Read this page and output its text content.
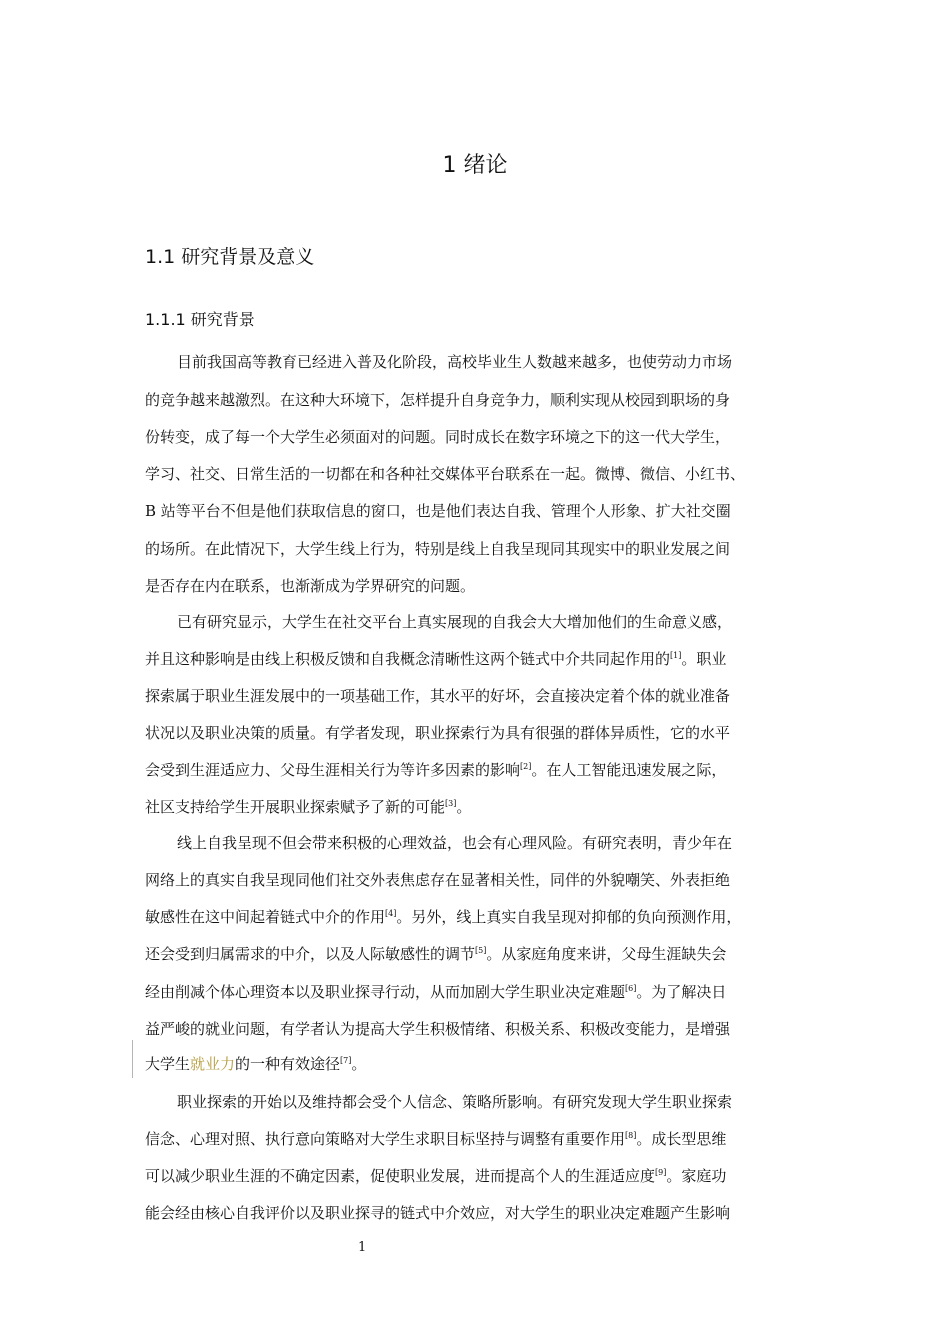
1 绪论
1.1 研究背景及意义
1.1.1 研究背景
目前我国高等教育已经进入普及化阶段，高校毕业生人数越来越多，也使劳动力市场
的竞争越来越激烈。在这种大环境下，怎样提升自身竞争力，顺利实现从校园到职场的身
份转变，成了每一个大学生必须面对的问题。同时成长在数字环境之下的这一代大学生，
学习、社交、日常生活的一切都在和各种社交媒体平台联系在一起。微博、微信、小红书、
B 站等平台不但是他们获取信息的窗口，也是他们表达自我、管理个人形象、扩大社交圈
的场所。在此情况下，大学生线上行为，特别是线上自我呈现同其现实中的职业发展之间
是否存在内在联系，也渐渐成为学界研究的问题。
已有研究显示，大学生在社交平台上真实展现的自我会大大增加他们的生命意义感，
并且这种影响是由线上积极反馈和自我概念清晰性这两个链式中介共同起作用的[1]。职业
探索属于职业生涯发展中的一项基础工作，其水平的好坏，会直接决定着个体的就业准备
状况以及职业决策的质量。有学者发现，职业探索行为具有很强的群体异质性，它的水平
会受到生涯适应力、父母生涯相关行为等许多因素的影响[2]。在人工智能迅速发展之际，
社区支持给学生开展职业探索赋予了新的可能[3]。
线上自我呈现不但会带来积极的心理效益，也会有心理风险。有研究表明，青少年在
网络上的真实自我呈现同他们社交外表焦虑存在显著相关性，同伴的外貌嘲笑、外表拒绝
敏感性在这中间起着链式中介的作用[4]。另外，线上真实自我呈现对抑郁的负向预测作用，
还会受到归属需求的中介，以及人际敏感性的调节[5]。从家庭角度来讲，父母生涯缺失会
经由削减个体心理资本以及职业探寻行动，从而加剧大学生职业决定难题[6]。为了解决日
益严峻的就业问题，有学者认为提高大学生积极情绪、积极关系、积极改变能力，是增强
大学生就业力的一种有效途径[7]。
职业探索的开始以及维持都会受个人信念、策略所影响。有研究发现大学生职业探索
信念、心理对照、执行意向策略对大学生求职目标坚持与调整有重要作用[8]。成长型思维
可以减少职业生涯的不确定因素，促使职业发展，进而提高个人的生涯适应度[9]。家庭功
能会经由核心自我评价以及职业探寻的链式中介效应，对大学生的职业决定难题产生影响
1
